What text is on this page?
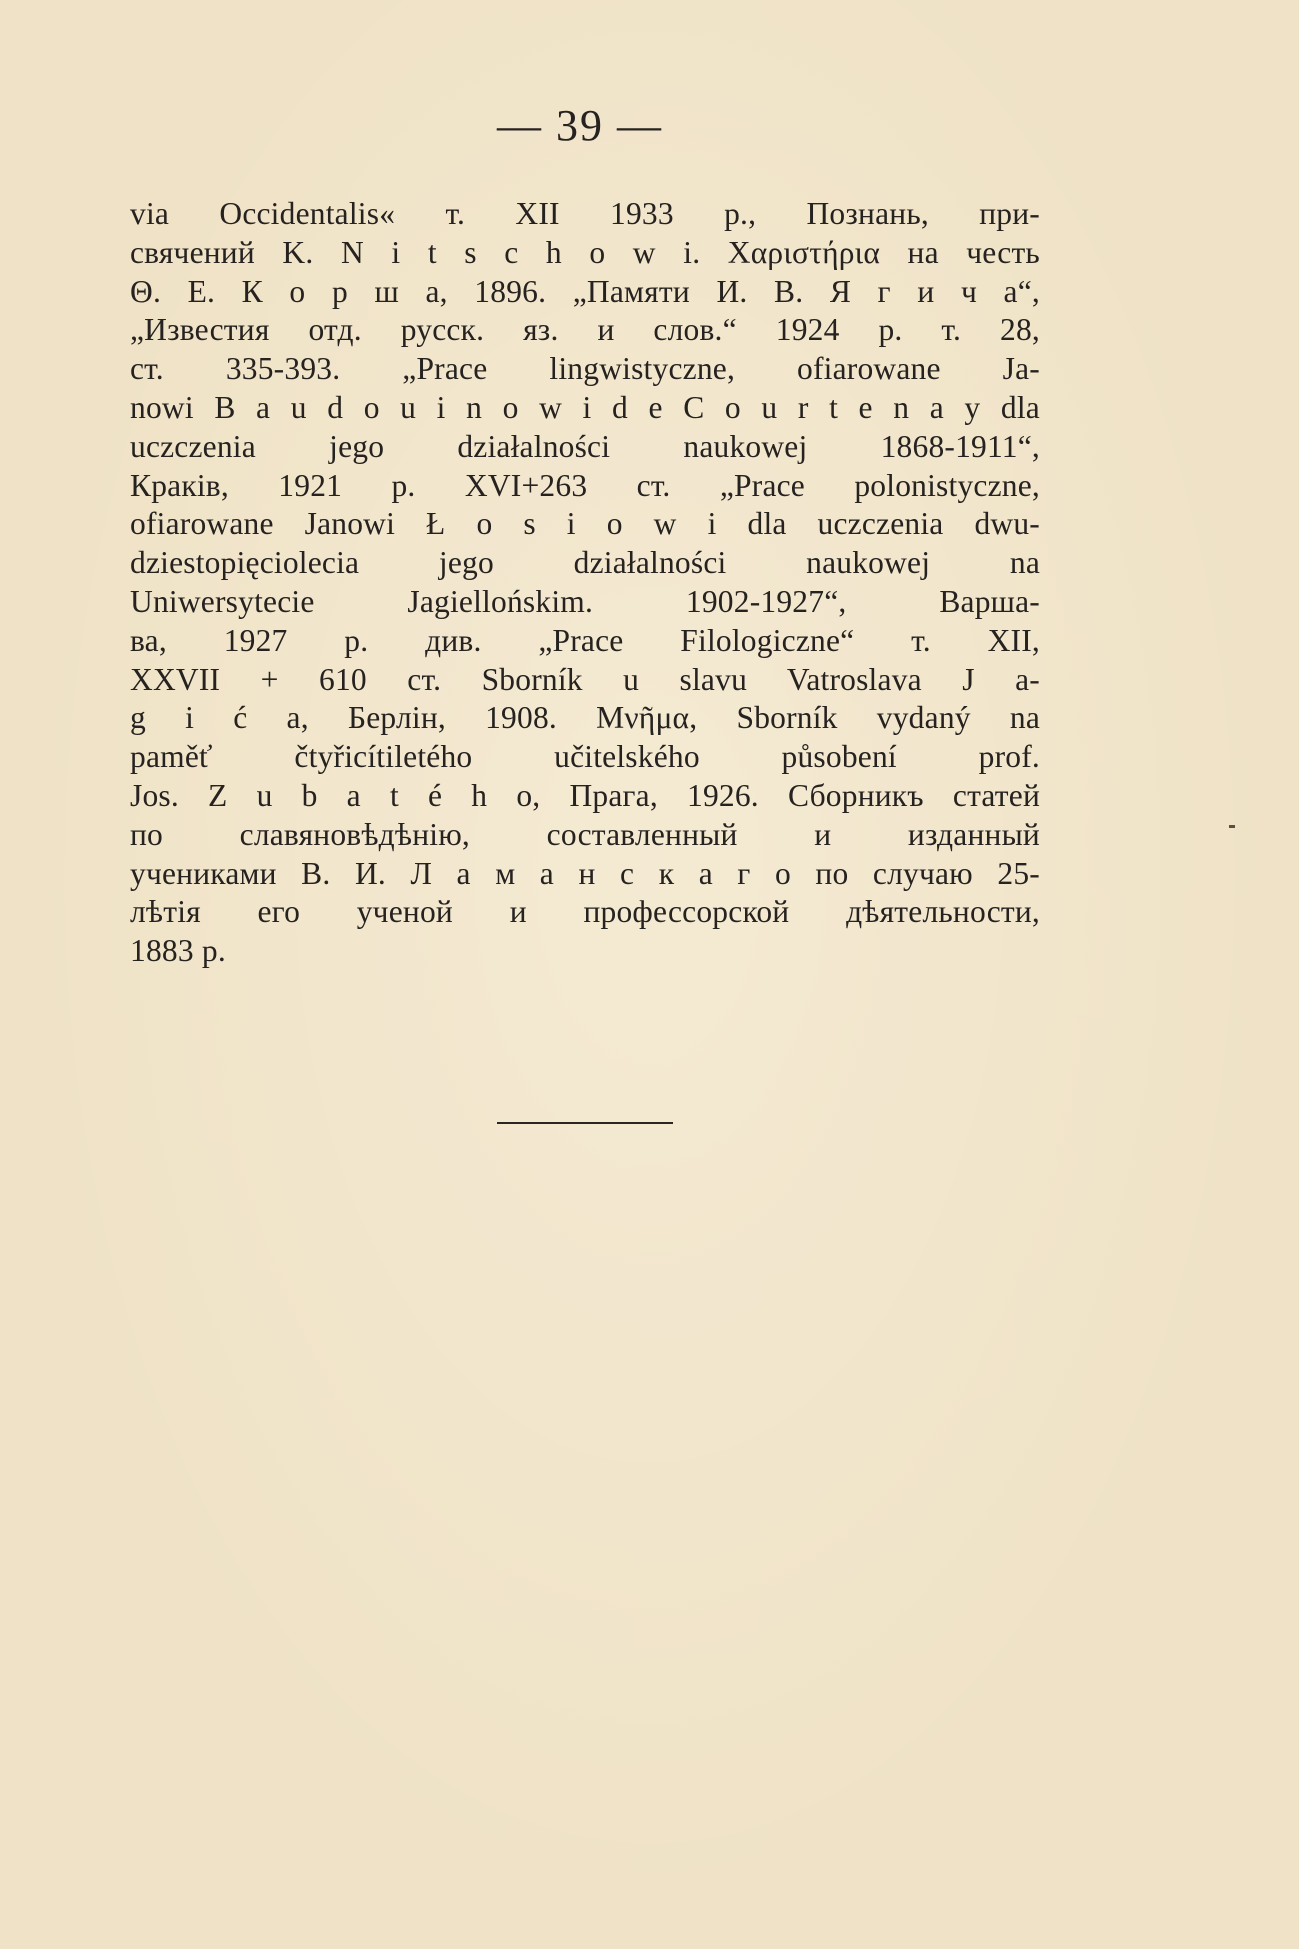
— 39 —
via Occidentalis« т. XII 1933 р., Познань, при-
свячений K. N i t s c h o w i. Χαριστήρια на честь
Θ. Е. К о р ш а, 1896. „Памяти И. В. Я г и ч а“,
„Известия отд. русск. яз. и слов.“ 1924 р. т. 28,
ст. 335-393. „Prace lingwistyczne, ofiarowane Ja-
nowi B a u d o u i n o w i d e C o u r t e n a y dla
uczczenia jego działalności naukowej 1868-1911“,
Краків, 1921 р. XVI+263 ст. „Prace polonistyczne,
ofiarowane Janowi Ł o s i o w i dla uczczenia dwu-
dziestopięciolecia jego działalności naukowej na
Uniwersytecie Jagiellońskim. 1902-1927“, Варша-
ва, 1927 р. див. „Prace Filologiczne“ т. XII,
XXVII + 610 ст. Sborník u slavu Vatroslava J a-
g i ć a, Берлін, 1908. Μνῆμα, Sborník vydaný na
paměť čtyřicítiletého učitelského působení prof.
Jos. Z u b a t é h o, Прага, 1926. Сборникъ статей
по славяновѣдѣнію, составленный и изданный
учениками В. И. Л а м а н с к а г о по случаю 25-
лѣтія его ученой и профессорской дѣятельности,
1883 р.
